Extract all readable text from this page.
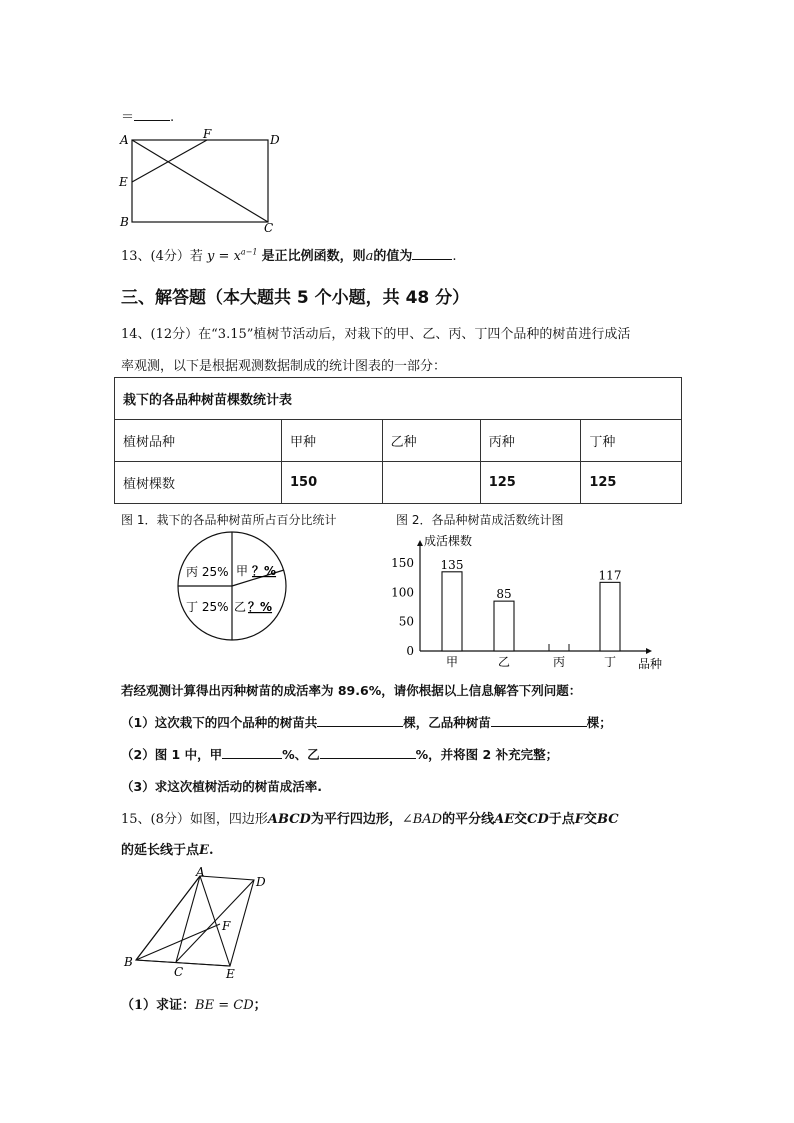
＝	.
A	F	D
E
B	C
13、(4分）若 $y = x^{a-1}$ 是正比例函数，则a的值为	.
三、解答题（本大题共 5 个小题，共 48 分）
14、(12分）在“3.15”植树节活动后，对栽下的甲、乙、丙、丁四个品种的树苗进行成活
率观测，以下是根据观测数据制成的统计图表的一部分：
栽下的各品种树苗棵数统计表				
植树品种	甲种	乙种	丙种	丁种
植树棵数	150		125	125
图 1．栽下的各品种树苗所占百分比统计	图 2．各品种树苗成活数统计图
丙 25%
丁 25%
甲 ？%
乙 ？%
成活棵数
品种
0
50
100
150
甲
135
乙
85
丙	丁
117
若经观测计算得出丙种树苗的成活率为 89.6%，请你根据以上信息解答下列问题：
（1）这次栽下的四个品种的树苗共	棵，乙品种树苗	棵；
（2）图 1 中，甲	%、乙	%，并将图 2 补充完整；
（3）求这次植树活动的树苗成活率.
15、(8分）如图，四边形ABCD为平行四边形，∠BAD的平分线AE交CD于点F交BC
的延长线于点E.
A
D
F
B
C	E
（1）求证：BE = CD；
